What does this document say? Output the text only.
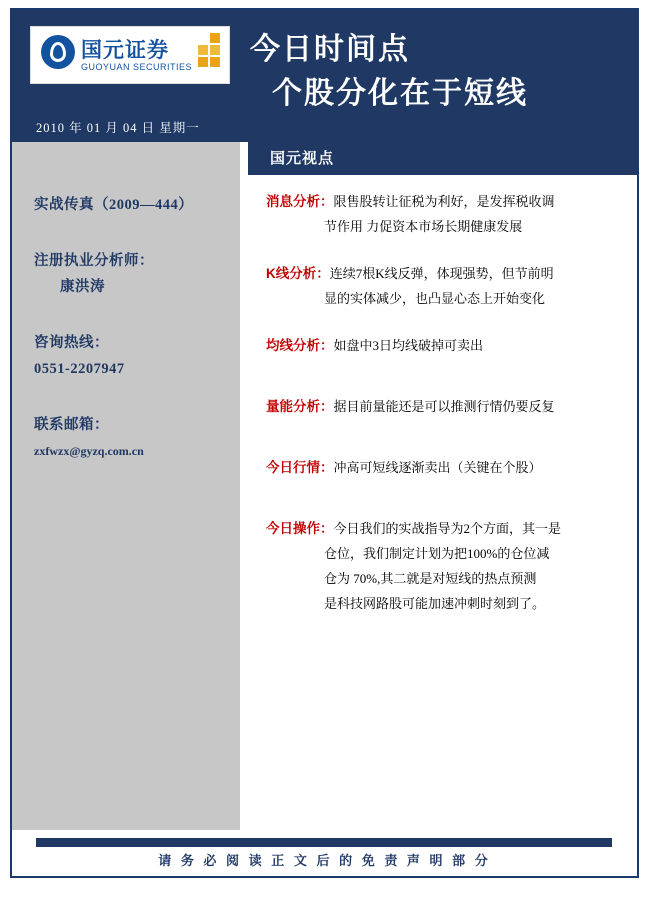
国元证券
GUOYUAN SECURITIES
2010 年 01 月 04 日 星期一
今日时间点
个股分化在于短线
实战传真（2009—444）
注册执业分析师：
康洪涛
咨询热线：
0551-2207947
联系邮箱：
zxfwzx@gyzq.com.cn
国元视点
消息分析：限售股转让征税为利好，是发挥税收调
节作用 力促资本市场长期健康发展
K线分析：连续7根K线反弹，体现强势，但节前明
显的实体减少，也凸显心态上开始变化
均线分析：如盘中3日均线破掉可卖出
量能分析：据目前量能还是可以推测行情仍要反复
今日行情：冲高可短线逐渐卖出（关键在个股）
今日操作：今日我们的实战指导为2个方面，其一是
仓位，我们制定计划为把100%的仓位减
仓为 70%,其二就是对短线的热点预测
是科技网路股可能加速冲刺时刻到了。
请 务 必 阅 读 正 文 后 的 免 责 声 明 部 分
